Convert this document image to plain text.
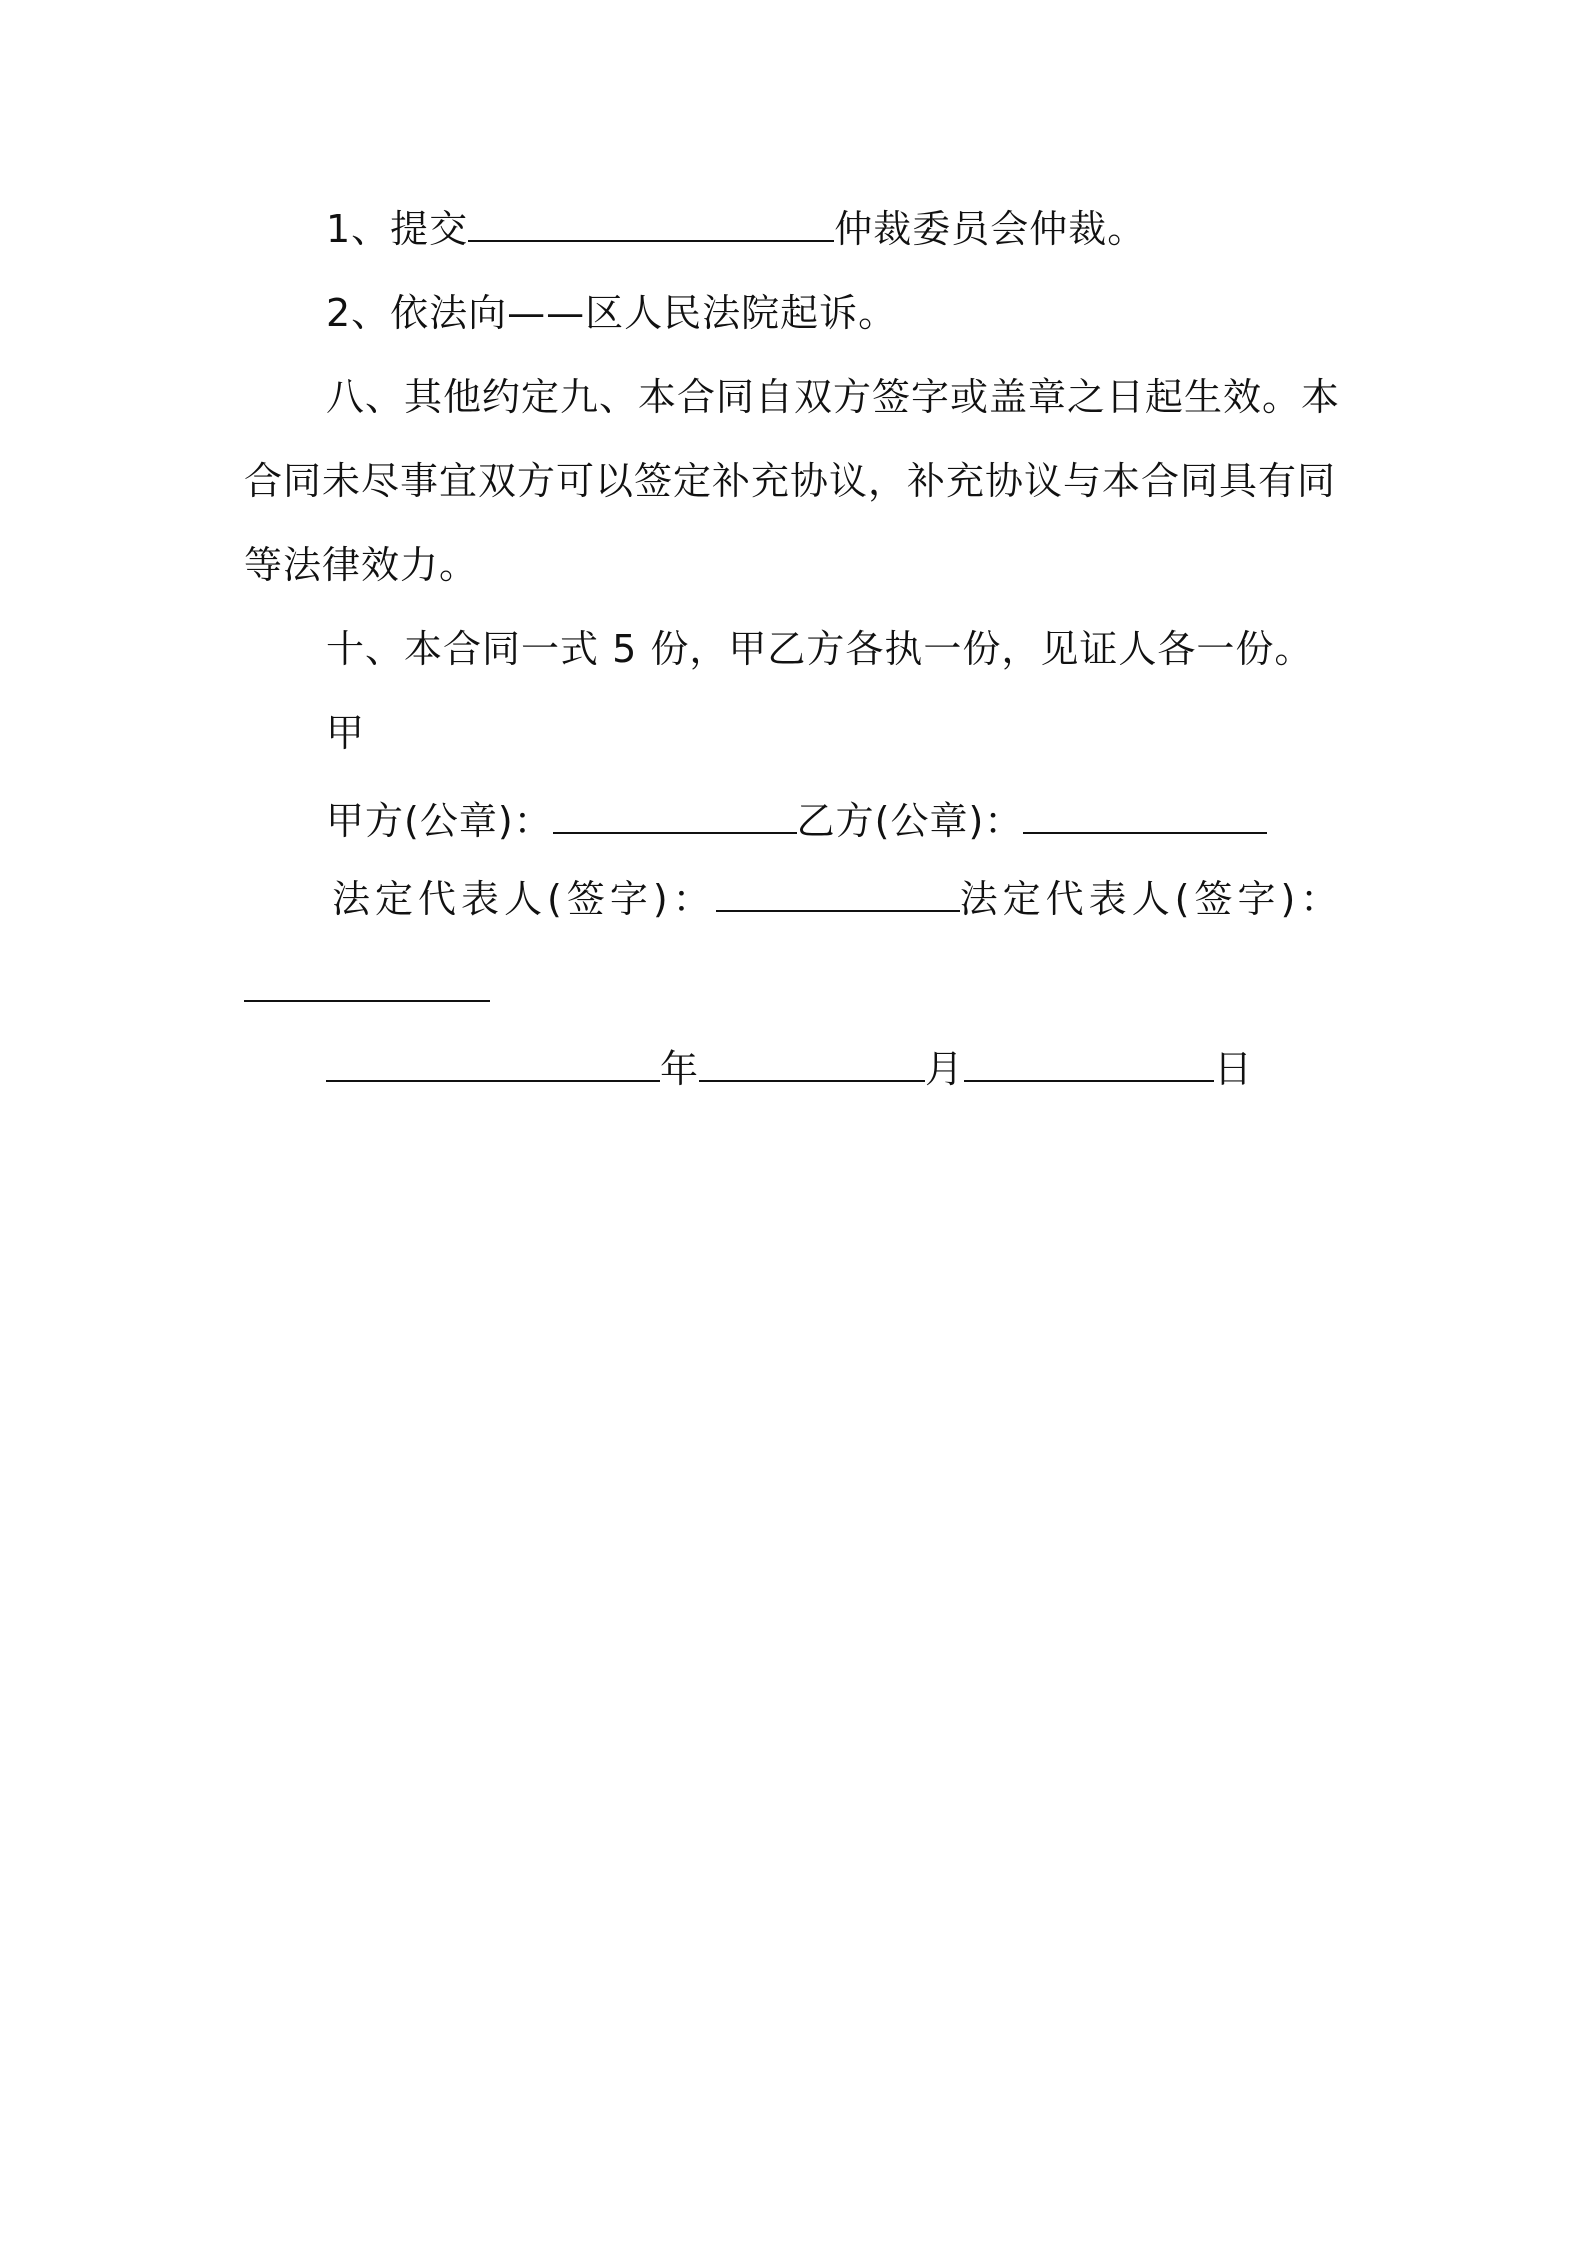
1、提交	仲裁委员会仲裁。
2、依法向——区人民法院起诉。
八、其他约定九、本合同自双方签字或盖章之日起生效。本
合同未尽事宜双方可以签定补充协议，补充协议与本合同具有同
等法律效力。
十、本合同一式 5 份，甲乙方各执一份，见证人各一份。
甲
甲方(公章)：	乙方(公章)：
法定代表人(签字)：	法定代表人(签字)：
年	月	日
